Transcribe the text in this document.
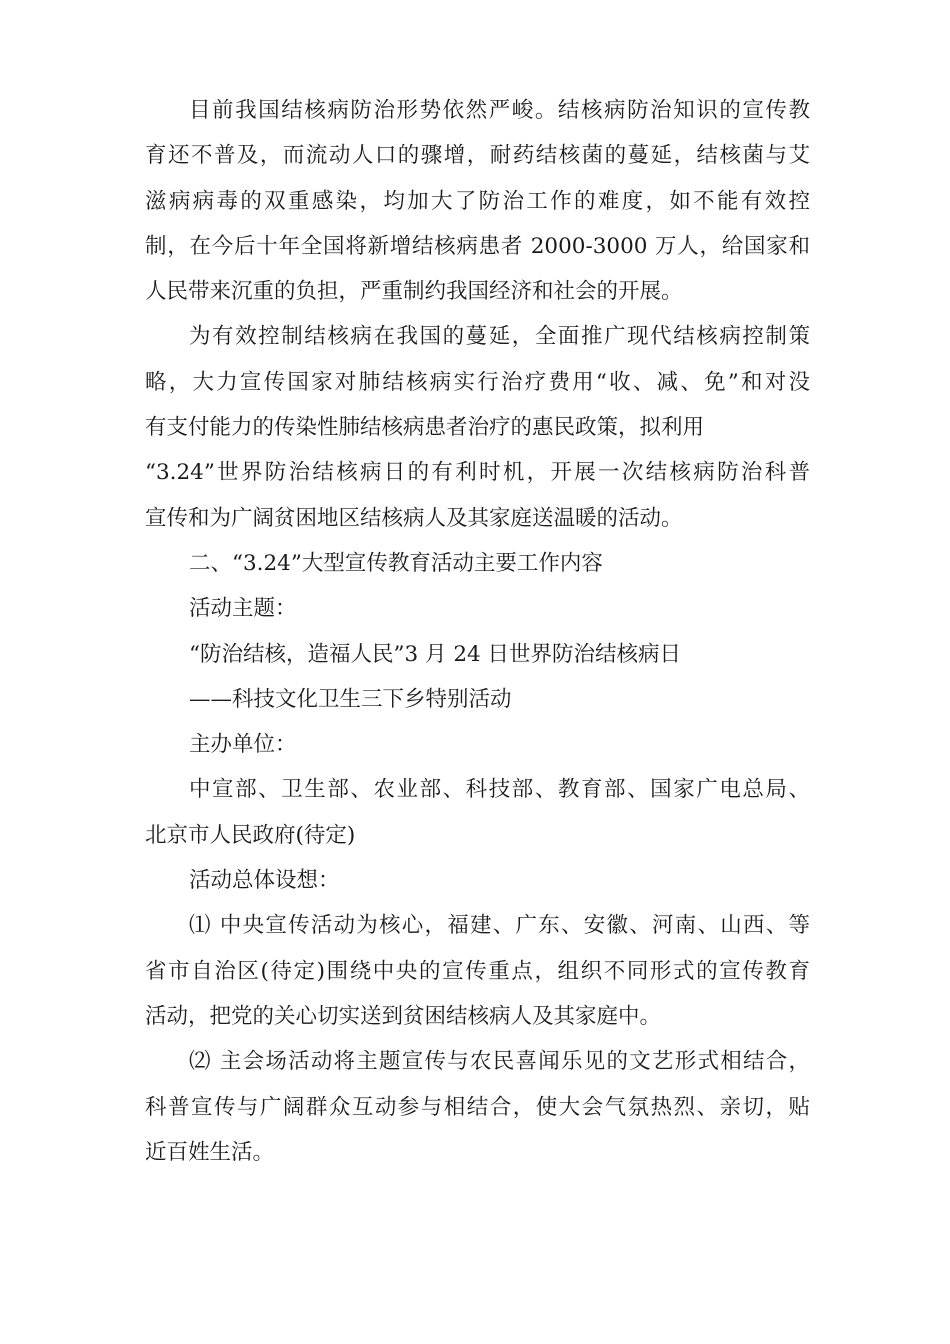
目前我国结核病防治形势依然严峻。结核病防治知识的宣传教
育还不普及，而流动人口的骤增，耐药结核菌的蔓延，结核菌与艾
滋病病毒的双重感染，均加大了防治工作的难度，如不能有效控
制，在今后十年全国将新增结核病患者 2000-3000 万人，给国家和
人民带来沉重的负担，严重制约我国经济和社会的开展。

为有效控制结核病在我国的蔓延，全面推广现代结核病控制策
略，大力宣传国家对肺结核病实行治疗费用“收、减、免”和对没
有支付能力的传染性肺结核病患者治疗的惠民政策，拟利用
“3.24”世界防治结核病日的有利时机，开展一次结核病防治科普
宣传和为广阔贫困地区结核病人及其家庭送温暖的活动。

二、“3.24”大型宣传教育活动主要工作内容

活动主题：

“防治结核，造福人民”3 月 24 日世界防治结核病日

——科技文化卫生三下乡特别活动

主办单位：

中宣部、卫生部、农业部、科技部、教育部、国家广电总局、
北京市人民政府(待定)

活动总体设想：

⑴ 中央宣传活动为核心，福建、广东、安徽、河南、山西、等
省市自治区(待定)围绕中央的宣传重点，组织不同形式的宣传教育
活动，把党的关心切实送到贫困结核病人及其家庭中。

⑵ 主会场活动将主题宣传与农民喜闻乐见的文艺形式相结合，
科普宣传与广阔群众互动参与相结合，使大会气氛热烈、亲切，贴
近百姓生活。
